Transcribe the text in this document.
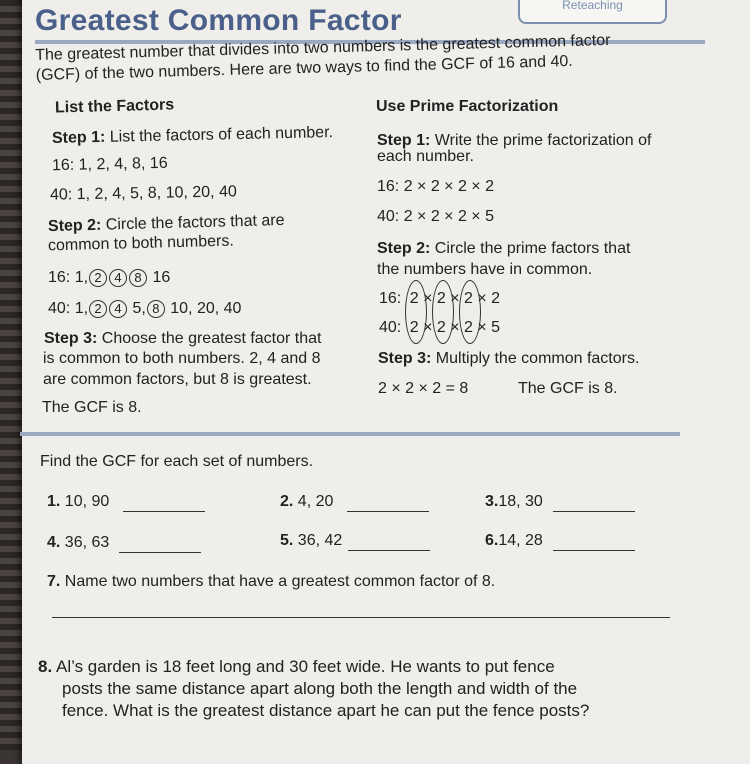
Greatest Common Factor	Reteaching
The greatest number that divides into two numbers is the greatest common factor (GCF) of the two numbers. Here are two ways to find the GCF of 16 and 40.
List the Factors
Step 1: List the factors of each number.
16: 1, 2, 4, 8, 16
40: 1, 2, 4, 5, 8, 10, 20, 40
Step 2: Circle the factors that are
common to both numbers.
16: 1, 2 4 8 16
40: 1, 2 4 5, 8 10, 20, 40
Step 3: Choose the greatest factor that
is common to both numbers. 2, 4 and 8
are common factors, but 8 is greatest.
The GCF is 8.
Use Prime Factorization
Step 1: Write the prime factorization of
each number.
16: 2 × 2 × 2 × 2
40: 2 × 2 × 2 × 5
Step 2: Circle the prime factors that
the numbers have in common.
16: 2 × 2 × 2 × 2
40: 2 × 2 × 2 × 5
Step 3: Multiply the common factors.
2 × 2 × 2 = 8	The GCF is 8.
Find the GCF for each set of numbers.
1. 10, 90	2. 4, 20	3.18, 30
4. 36, 63	5. 36, 42	6.14, 28
7. Name two numbers that have a greatest common factor of 8.
8. Al’s garden is 18 feet long and 30 feet wide. He wants to put fence
posts the same distance apart along both the length and width of the
fence. What is the greatest distance apart he can put the fence posts?
